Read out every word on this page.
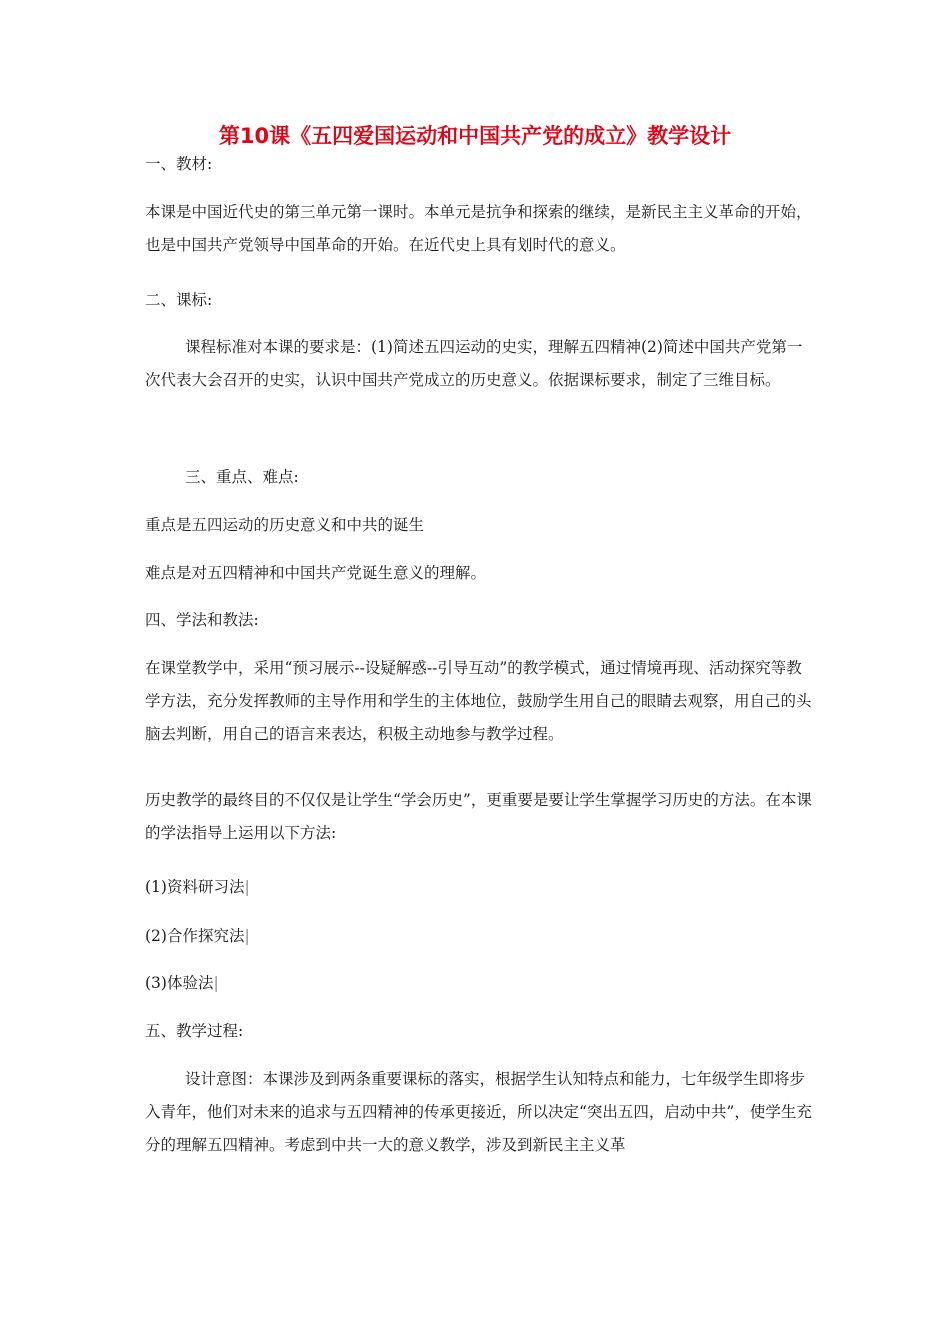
第10课《五四爱国运动和中国共产党的成立》教学设计

一、教材:

本课是中国近代史的第三单元第一课时。本单元是抗争和探索的继续，是新民主主义革命的开始，也是中国共产党领导中国革命的开始。在近代史上具有划时代的意义。

二、课标:

课程标准对本课的要求是：(1)简述五四运动的史实，理解五四精神(2)简述中国共产党第一次代表大会召开的史实，认识中国共产党成立的历史意义。依据课标要求，制定了三维目标。

三、重点、难点:

重点是五四运动的历史意义和中共的诞生

难点是对五四精神和中国共产党诞生意义的理解。

四、学法和教法:

在课堂教学中，采用“预习展示--设疑解惑--引导互动”的教学模式，通过情境再现、活动探究等教学方法，充分发挥教师的主导作用和学生的主体地位，鼓励学生用自己的眼睛去观察，用自己的头脑去判断，用自己的语言来表达，积极主动地参与教学过程。

历史教学的最终目的不仅仅是让学生“学会历史”，更重要是要让学生掌握学习历史的方法。在本课的学法指导上运用以下方法:

(1)资料研习法|

(2)合作探究法|

(3)体验法|

五、教学过程:

设计意图：本课涉及到两条重要课标的落实，根据学生认知特点和能力，七年级学生即将步入青年，他们对未来的追求与五四精神的传承更接近，所以决定“突出五四，启动中共”，使学生充分的理解五四精神。考虑到中共一大的意义教学，涉及到新民主主义革
